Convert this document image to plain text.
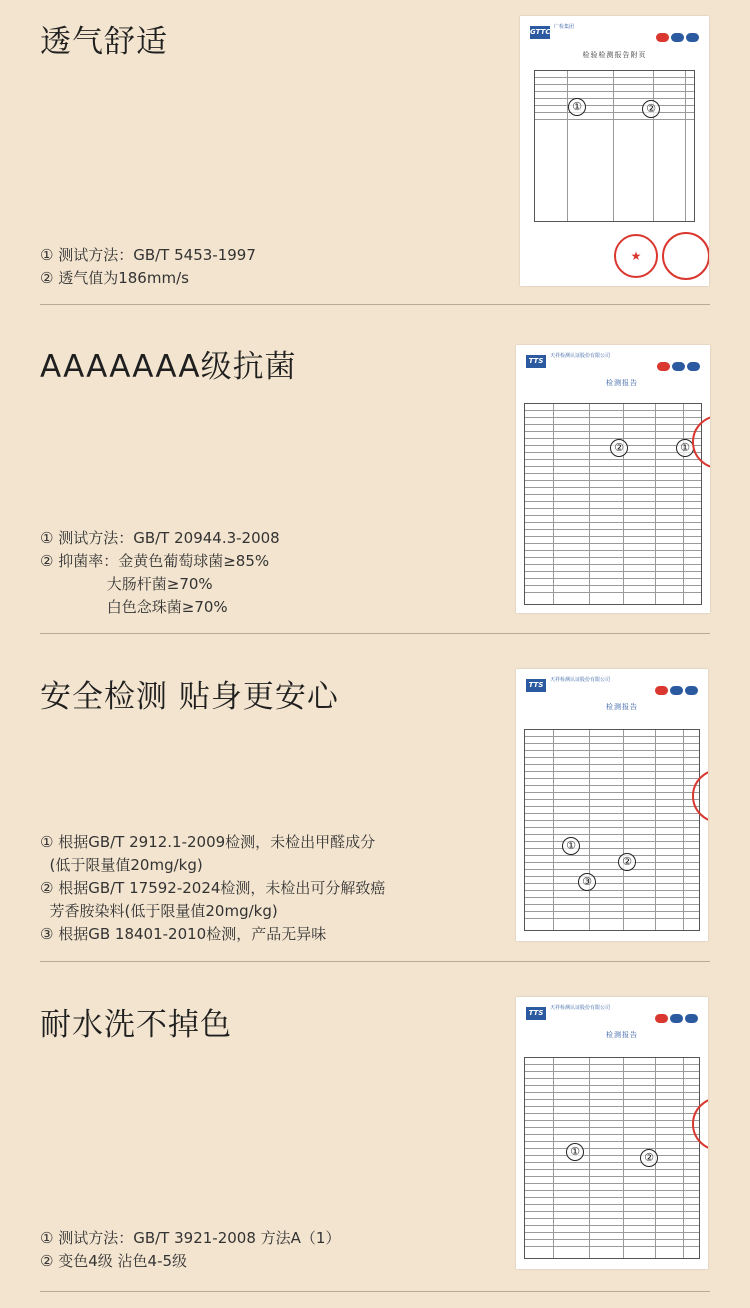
透气舒适
① 测试方法：GB/T 5453-1997
② 透气值为186mm/s
GTTC
广检集团
检验检测报告附页
①	②
★
AAAAAAA级抗菌
① 测试方法：GB/T 20944.3-2008
② 抑菌率：金黄色葡萄球菌≥85%
大肠杆菌≥70%
白色念珠菌≥70%
TTS
天祥检测认证股份有限公司
检测报告
②	①
安全检测 贴身更安心
① 根据GB/T 2912.1-2009检测，未检出甲醛成分
(低于限量值20mg/kg)
② 根据GB/T 17592-2024检测，未检出可分解致癌
芳香胺染料(低于限量值20mg/kg)
③ 根据GB 18401-2010检测，产品无异味
TTS
天祥检测认证股份有限公司
检测报告
①
②
③
耐水洗不掉色
① 测试方法：GB/T 3921-2008 方法A（1）
② 变色4级 沾色4-5级
TTS
天祥检测认证股份有限公司
检测报告
①	②
